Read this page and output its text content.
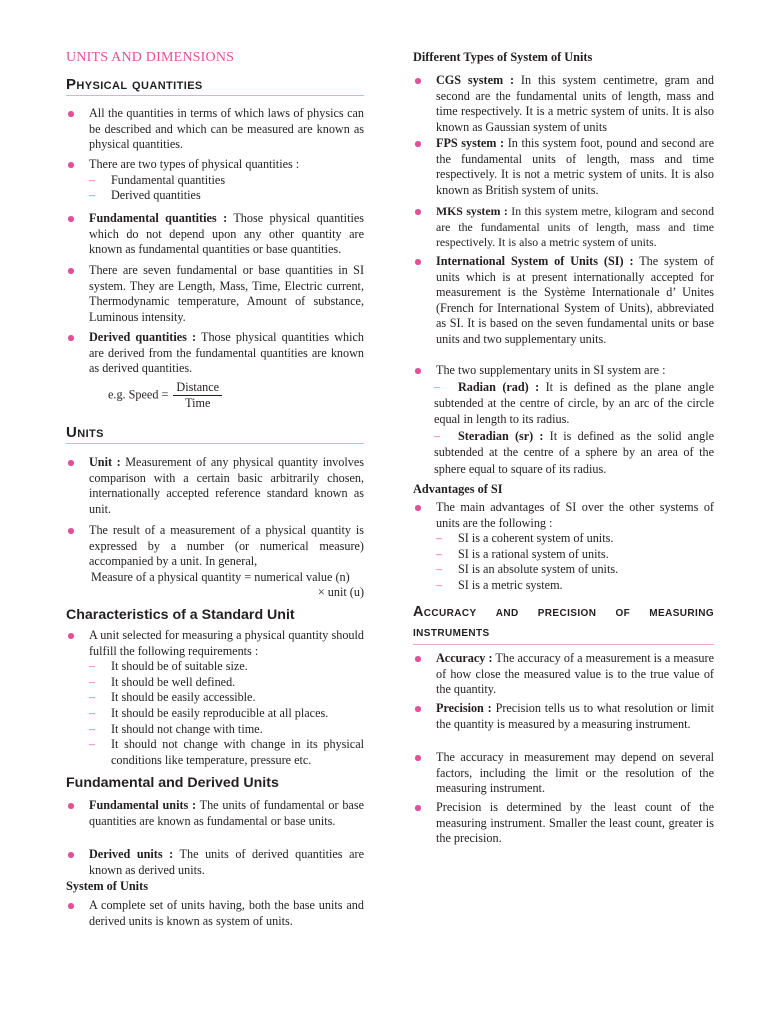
UNITS AND DIMENSIONS
Physical quantities

All the quantities in terms of which laws of physics can be described and which can be measured are known as physical quantities.

There are two types of physical quantities :

– Fundamental quantities

– Derived quantities

Fundamental quantities : Those physical quantities which do not depend upon any other quantity are known as fundamental quantities or base quantities.

There are seven fundamental or base quantities in SI system. They are Length, Mass, Time, Electric current, Thermodynamic temperature, Amount of substance, Luminous intensity.

Derived quantities : Those physical quantities which are derived from the fundamental quantities are known as derived quantities.

e.g. Speed = $\frac{\text{Distance}}{\text{Time}}$
Units

Unit : Measurement of any physical quantity involves comparison with a certain basic arbitrarily chosen, internationally accepted reference standard known as unit.

The result of a measurement of a physical quantity is expressed by a number (or numerical measure) accompanied by a unit. In general,

Measure of a physical quantity = numerical value (n)

× unit (u)

Characteristics of a Standard Unit

A unit selected for measuring a physical quantity should fulfill the following requirements :

– It should be of suitable size.

– It should be well defined.

– It should be easily accessible.

– It should be easily reproducible at all places.

– It should not change with time.

– It should not change with change in its physical conditions like temperature, pressure etc.

Fundamental and Derived Units

Fundamental units : The units of fundamental or base quantities are known as fundamental or base units.

Derived units : The units of derived quantities are known as derived units.

System of Units

A complete set of units having, both the base units and derived units is known as system of units.

Different Types of System of Units

CGS system : In this system centimetre, gram and second are the fundamental units of length, mass and time respectively. It is a metric system of units. It is also known as Gaussian system of units

FPS system : In this system foot, pound and second are the fundamental units of length, mass and time respectively. It is not a metric system of units. It is also known as British system of units.

MKS system : In this system metre, kilogram and second are the fundamental units of length, mass and time respectively. It is also a metric system of units.

International System of Units (SI) : The system of units which is at present internationally accepted for measurement is the Système Internationale d’ Unites (French for International System of Units), abbreviated as SI. It is based on the seven fundamental units or base units and two supplementary units.

The two supplementary units in SI system are :

– Radian (rad) : It is defined as the plane angle subtended at the centre of circle, by an arc of the circle equal in length to its radius.

– Steradian (sr) : It is defined as the solid angle subtended at the centre of a sphere by an area of the sphere equal to square of its radius.

Advantages of SI

The main advantages of SI over the other systems of units are the following :

– SI is a coherent system of units.

– SI is a rational system of units.

– SI is an absolute system of units.

– SI is a metric system.

Accuracy and precision of measuring
instruments

Accuracy : The accuracy of a measurement is a measure of how close the measured value is to the true value of the quantity.

Precision : Precision tells us to what resolution or limit the quantity is measured by a measuring instrument.

The accuracy in measurement may depend on several factors, including the limit or the resolution of the measuring instrument.

Precision is determined by the least count of the measuring instrument. Smaller the least count, greater is the precision.
